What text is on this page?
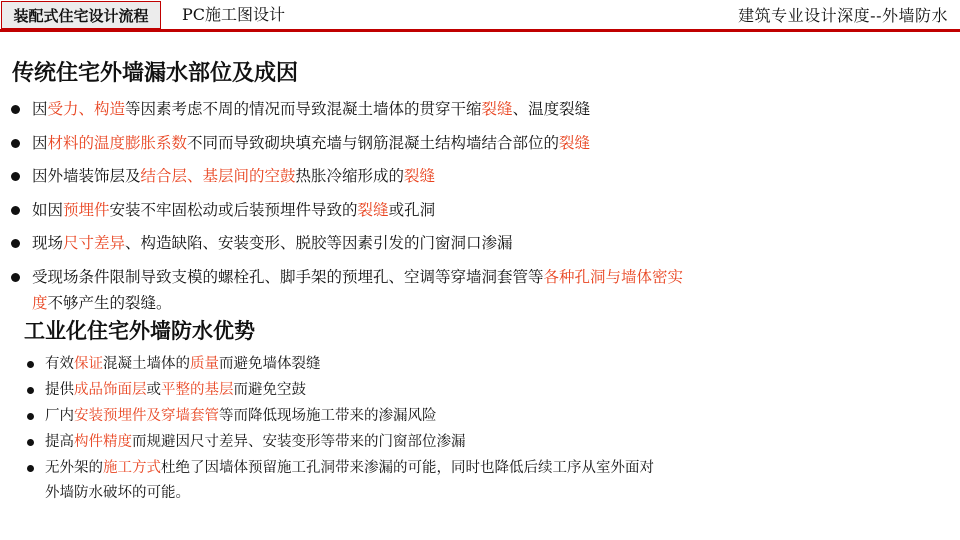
装配式住宅设计流程	PC施工图设计	建筑专业设计深度--外墙防水
传统住宅外墙漏水部位及成因
因受力、构造等因素考虑不周的情况而导致混凝土墙体的贯穿干缩裂缝、温度裂缝
因材料的温度膨胀系数不同而导致砌块填充墙与钢筋混凝土结构墙结合部位的裂缝
因外墙装饰层及结合层、基层间的空鼓热胀冷缩形成的裂缝
如因预埋件安装不牢固松动或后装预埋件导致的裂缝或孔洞
现场尺寸差异、构造缺陷、安装变形、脱胶等因素引发的门窗洞口渗漏
受现场条件限制导致支模的螺栓孔、脚手架的预埋孔、空调等穿墙洞套管等各种孔洞与墙体密实度不够产生的裂缝。
工业化住宅外墙防水优势
有效保证混凝土墙体的质量而避免墙体裂缝
提供成品饰面层或平整的基层而避免空鼓
厂内安装预埋件及穿墙套管等而降低现场施工带来的渗漏风险
提高构件精度而规避因尺寸差异、安装变形等带来的门窗部位渗漏
无外架的施工方式杜绝了因墙体预留施工孔洞带来渗漏的可能，同时也降低后续工序从室外面对外墙防水破坏的可能。
